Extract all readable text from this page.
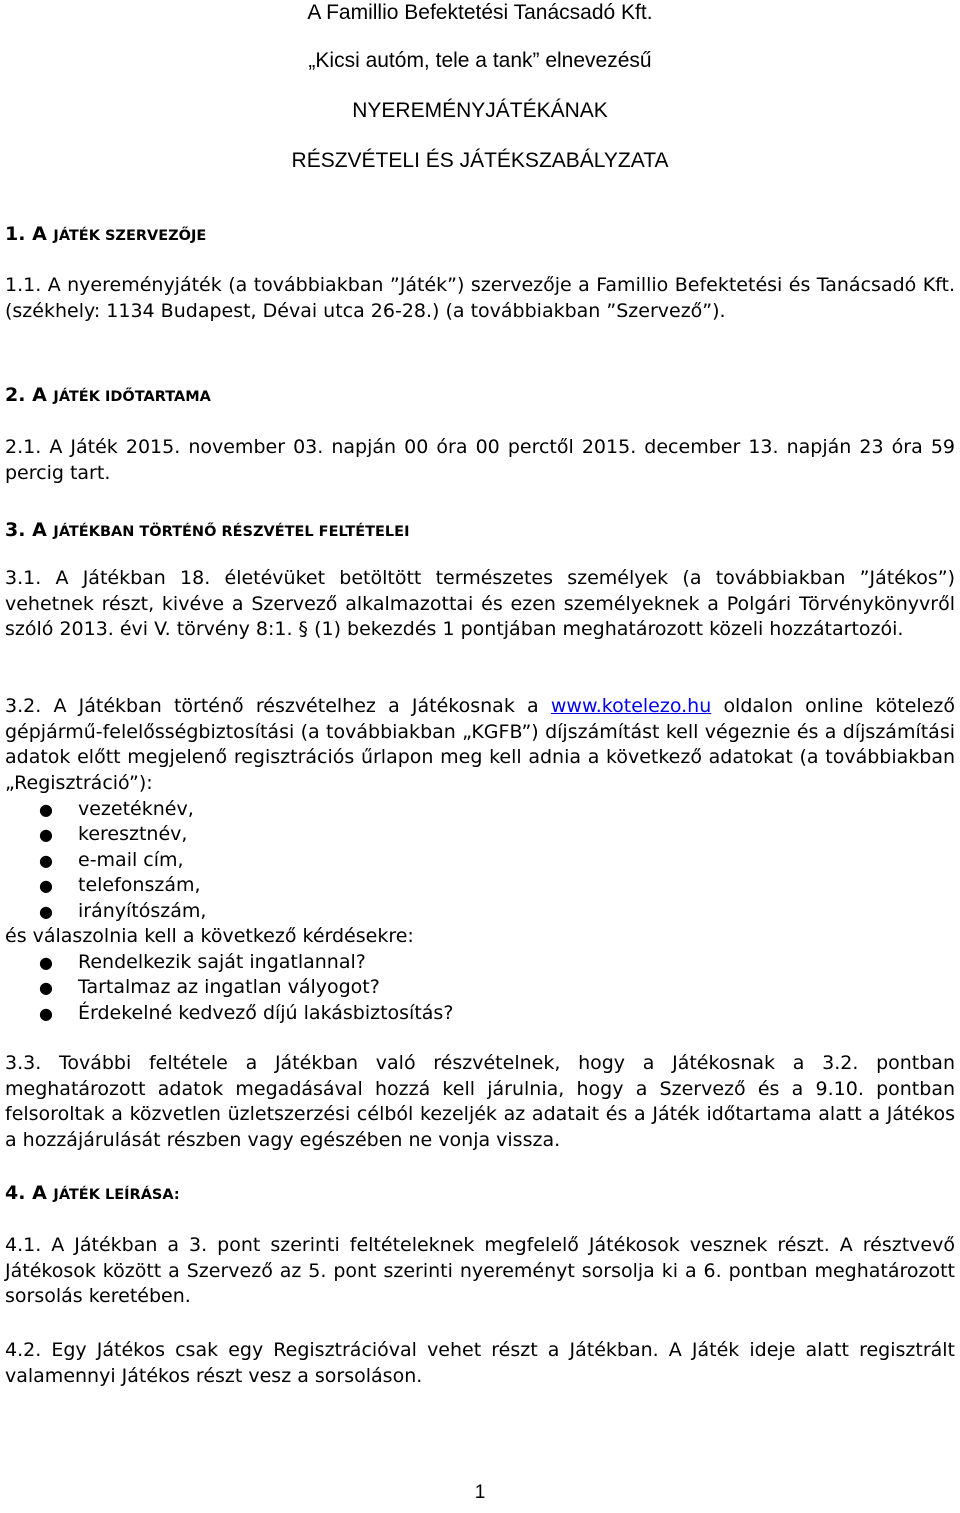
A Famillio Befektetési Tanácsadó Kft.
„Kicsi autóm, tele a tank” elnevezésű
NYEREMÉNYJÁTÉKÁNAK
RÉSZVÉTELI ÉS JÁTÉKSZABÁLYZATA
1. A JÁTÉK SZERVEZŐJE
1.1. A nyereményjáték (a továbbiakban ”Játék”) szervezője a Famillio Befektetési és Tanácsadó Kft. (székhely: 1134 Budapest, Dévai utca 26-28.) (a továbbiakban ”Szervező”).
2. A JÁTÉK IDŐTARTAMA
2.1. A Játék 2015. november 03. napján 00 óra 00 perctől 2015. december 13. napján 23 óra 59 percig tart.
3. A JÁTÉKBAN TÖRTÉNŐ RÉSZVÉTEL FELTÉTELEI
3.1. A Játékban 18. életévüket betöltött természetes személyek (a továbbiakban ”Játékos”) vehetnek részt, kivéve a Szervező alkalmazottai és ezen személyeknek a Polgári Törvénykönyvről szóló 2013. évi V. törvény 8:1. § (1) bekezdés 1 pontjában meghatározott közeli hozzátartozói.
3.2. A Játékban történő részvételhez a Játékosnak a www.kotelezo.hu oldalon online kötelező gépjármű-felelősségbiztosítási (a továbbiakban „KGFB”) díjszámítást kell végeznie és a díjszámítási adatok előtt megjelenő regisztrációs űrlapon meg kell adnia a következő adatokat (a továbbiakban „Regisztráció”):
● vezetéknév,
● keresztnév,
● e-mail cím,
● telefonszám,
● irányítószám,
és válaszolnia kell a következő kérdésekre:
● Rendelkezik saját ingatlannal?
● Tartalmaz az ingatlan vályogot?
● Érdekelné kedvező díjú lakásbiztosítás?
3.3. További feltétele a Játékban való részvételnek, hogy a Játékosnak a 3.2. pontban meghatározott adatok megadásával hozzá kell járulnia, hogy a Szervező és a 9.10. pontban felsoroltak a közvetlen üzletszerzési célból kezeljék az adatait és a Játék időtartama alatt a Játékos a hozzájárulását részben vagy egészében ne vonja vissza.
4. A JÁTÉK LEÍRÁSA:
4.1. A Játékban a 3. pont szerinti feltételeknek megfelelő Játékosok vesznek részt. A résztvevő Játékosok között a Szervező az 5. pont szerinti nyereményt sorsolja ki a 6. pontban meghatározott sorsolás keretében.
4.2. Egy Játékos csak egy Regisztrációval vehet részt a Játékban. A Játék ideje alatt regisztrált valamennyi Játékos részt vesz a sorsoláson.
1
